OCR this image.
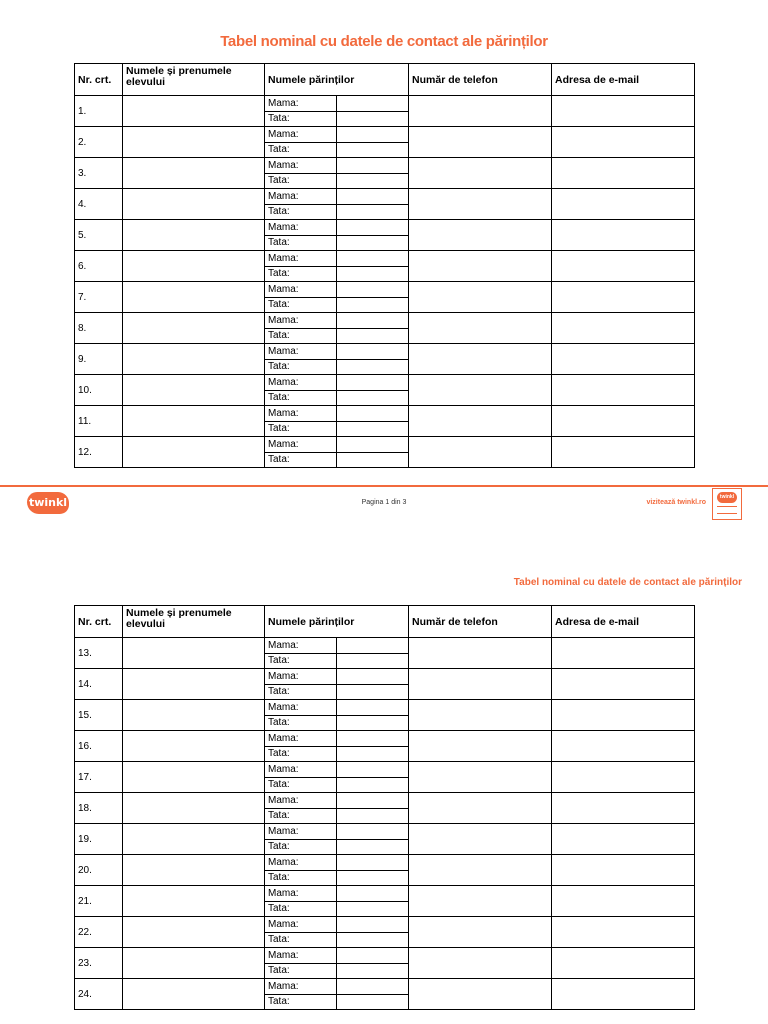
Tabel nominal cu datele de contact ale părinților
Nr. crt.	Numele și prenumele elevului	Numele părinților		Număr de telefon	Adresa de e-mail
1.		Mama:			
		Tata:			
2.		Mama:			
		Tata:			
3.		Mama:			
		Tata:			
4.		Mama:			
		Tata:			
5.		Mama:			
		Tata:			
6.		Mama:			
		Tata:			
7.		Mama:			
		Tata:			
8.		Mama:			
		Tata:			
9.		Mama:			
		Tata:			
10.		Mama:			
		Tata:			
11.		Mama:			
		Tata:			
12.		Mama:			
		Tata:			
twinkl	Pagina 1 din 3	vizitează twinkl.ro
twinkl
Tabel nominal cu datele de contact ale părinților
Nr. crt.	Numele și prenumele elevului	Numele părinților		Număr de telefon	Adresa de e-mail
13.		Mama:			
		Tata:			
14.		Mama:			
		Tata:			
15.		Mama:			
		Tata:			
16.		Mama:			
		Tata:			
17.		Mama:			
		Tata:			
18.		Mama:			
		Tata:			
19.		Mama:			
		Tata:			
20.		Mama:			
		Tata:			
21.		Mama:			
		Tata:			
22.		Mama:			
		Tata:			
23.		Mama:			
		Tata:			
24.		Mama:			
		Tata:			
